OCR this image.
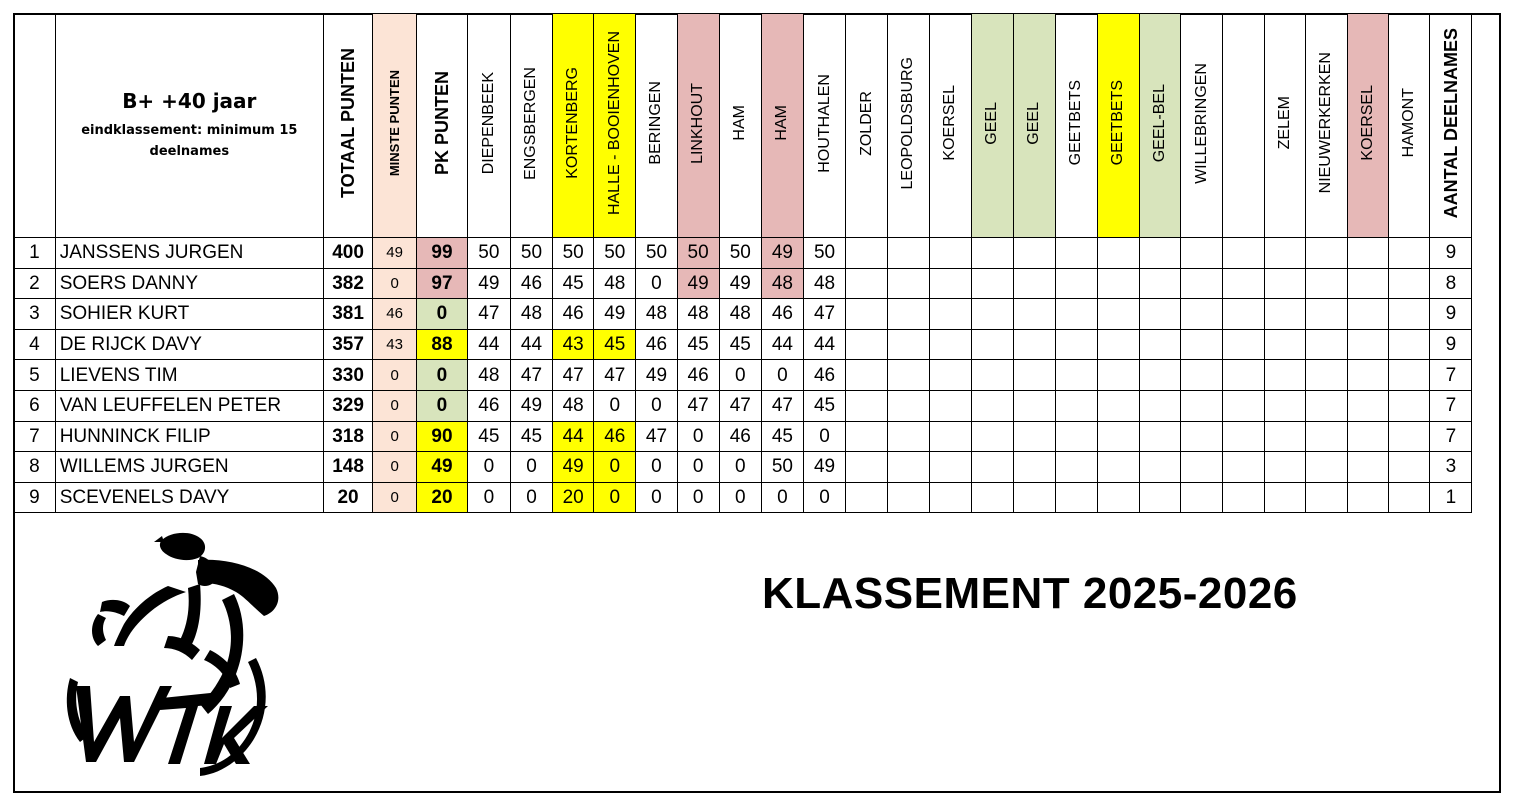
	B+ +40 jaar
eindklassement: minimum 15 deelnames	TOTAAL PUNTEN	MINSTE PUNTEN	PK PUNTEN	DIEPENBEEK	ENGSBERGEN	KORTENBERG	HALLE - BOOIENHOVEN	BERINGEN	LINKHOUT	HAM	HAM	HOUTHALEN	ZOLDER	LEOPOLDSBURG	KOERSEL	GEEL	GEEL	GEETBETS	GEETBETS	GEEL-BEL	WILLEBRINGEN		ZELEM	NIEUWERKERKEN	KOERSEL	HAMONT	AANTAL DEELNAMES
1	JANSSENS JURGEN	400	49	99	50	50	50	50	50	50	50	49	50															9
2	SOERS DANNY	382	0	97	49	46	45	48	0	49	49	48	48															8
3	SOHIER KURT	381	46	0	47	48	46	49	48	48	48	46	47															9
4	DE RIJCK DAVY	357	43	88	44	44	43	45	46	45	45	44	44															9
5	LIEVENS TIM	330	0	0	48	47	47	47	49	46	0	0	46															7
6	VAN LEUFFELEN PETER	329	0	0	46	49	48	0	0	47	47	47	45															7
7	HUNNINCK FILIP	318	0	90	45	45	44	46	47	0	46	45	0															7
8	WILLEMS JURGEN	148	0	49	0	0	49	0	0	0	0	50	49															3
9	SCEVENELS DAVY	20	0	20	0	0	20	0	0	0	0	0	0															1
KLASSEMENT 2025-2026
